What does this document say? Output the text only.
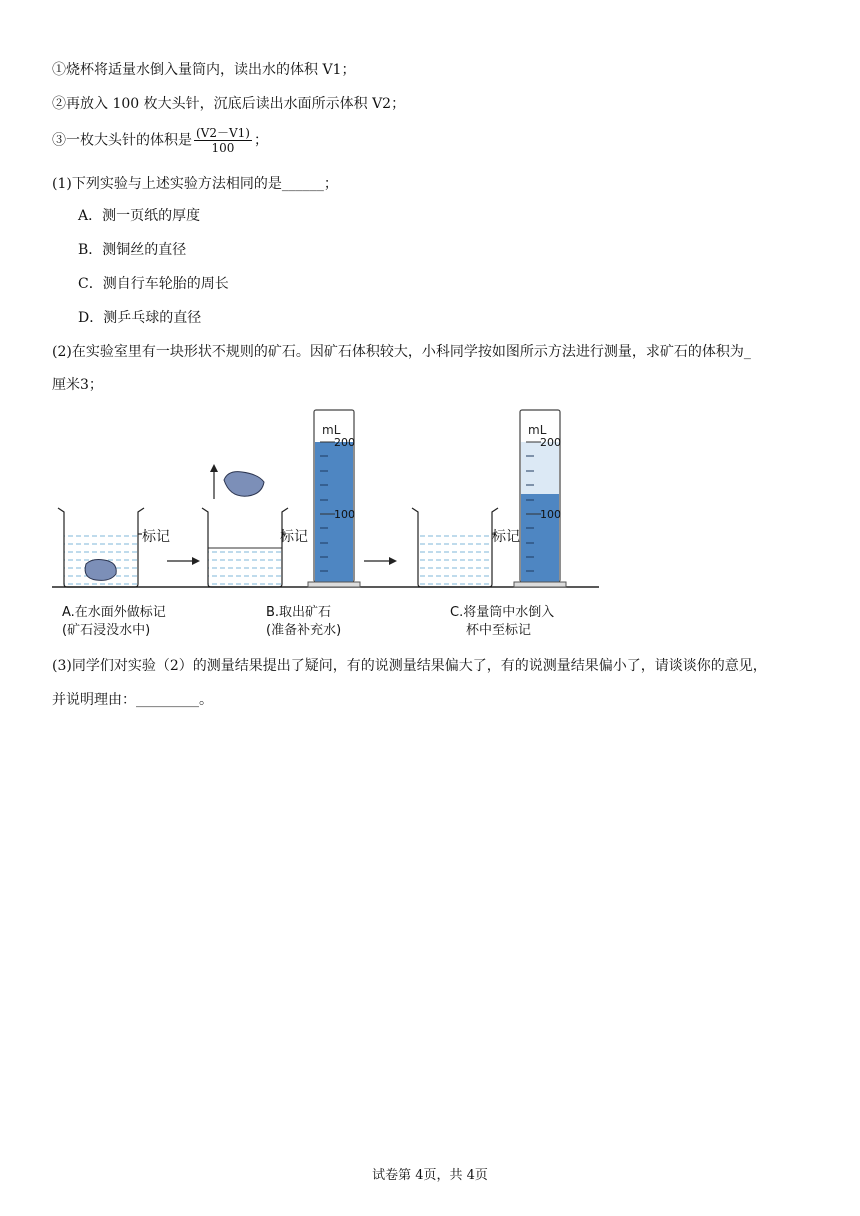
①烧杯将适量水倒入量筒内，读出水的体积 V1；
②再放入 100 枚大头针，沉底后读出水面所示体积 V2；
③一枚大头针的体积是 $\frac{(V2-V1)}{100}$ ；
(1)下列实验与上述实验方法相同的是______；
A．测一页纸的厚度
B．测铜丝的直径
C．测自行车轮胎的周长
D．测乒乓球的直径
(2)在实验室里有一块形状不规则的矿石。因矿石体积较大，小科同学按如图所示方法进行测量，求矿石的体积为_
厘米3；
标记	标记
mL
200
100
标记
mL
200
100
A.在水面外做标记
(矿石浸没水中)
B.取出矿石
(准备补充水)
C.将量筒中水倒入
杯中至标记
(3)同学们对实验（2）的测量结果提出了疑问，有的说测量结果偏大了，有的说测量结果偏小了，请谈谈你的意见，
并说明理由：_________。
试卷第 4页，共 4页
